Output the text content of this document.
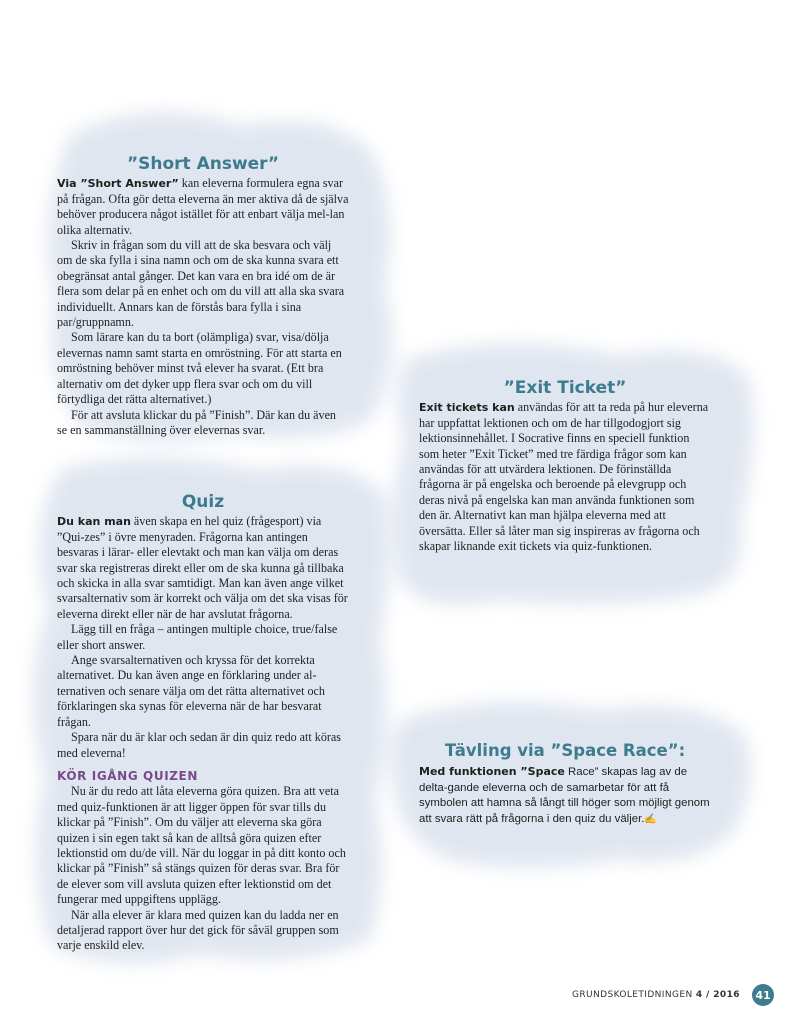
”Short Answer”

Via ”Short Answer” kan eleverna formulera egna svar på frågan. Ofta gör detta eleverna än mer aktiva då de själva behöver producera något istället för att enbart välja mel-lan olika alternativ.

Skriv in frågan som du vill att de ska besvara och välj om de ska fylla i sina namn och om de ska kunna svara ett obegränsat antal gånger. Det kan vara en bra idé om de är flera som delar på en enhet och om du vill att alla ska svara individuellt. Annars kan de förstås bara fylla i sina par/gruppnamn.

Som lärare kan du ta bort (olämpliga) svar, visa/dölja elevernas namn samt starta en omröstning. För att starta en omröstning behöver minst två elever ha svarat. (Ett bra alternativ om det dyker upp flera svar och om du vill förtydliga det rätta alternativet.)

För att avsluta klickar du på ”Finish”. Där kan du även se en sammanställning över elevernas svar.

Quiz

Du kan man även skapa en hel quiz (frågesport) via ”Qui-zes” i övre menyraden. Frågorna kan antingen besvaras i lärar- eller elevtakt och man kan välja om deras svar ska registreras direkt eller om de ska kunna gå tillbaka och skicka in alla svar samtidigt. Man kan även ange vilket svarsalternativ som är korrekt och välja om det ska visas för eleverna direkt eller när de har avslutat frågorna.

Lägg till en fråga – antingen multiple choice, true/false eller short answer.

Ange svarsalternativen och kryssa för det korrekta alternativet. Du kan även ange en förklaring under al-ternativen och senare välja om det rätta alternativet och förklaringen ska synas för eleverna när de har besvarat frågan.

Spara när du är klar och sedan är din quiz redo att köras med eleverna!

KÖR IGÅNG QUIZEN

Nu är du redo att låta eleverna göra quizen. Bra att veta med quiz-funktionen är att ligger öppen för svar tills du klickar på ”Finish”. Om du väljer att eleverna ska göra quizen i sin egen takt så kan de alltså göra quizen efter lektionstid om du/de vill. När du loggar in på ditt konto och klickar på ”Finish” så stängs quizen för deras svar. Bra för de elever som vill avsluta quizen efter lektionstid om det fungerar med uppgiftens upplägg.

När alla elever är klara med quizen kan du ladda ner en detaljerad rapport över hur det gick för såväl gruppen som varje enskild elev.

”Exit Ticket”

Exit tickets kan användas för att ta reda på hur eleverna har uppfattat lektionen och om de har tillgodogjort sig lektionsinnehållet. I Socrative finns en speciell funktion som heter ”Exit Ticket” med tre färdiga frågor som kan användas för att utvärdera lektionen. De förinställda frågorna är på engelska och beroende på elevgrupp och deras nivå på engelska kan man använda funktionen som den är. Alternativt kan man hjälpa eleverna med att översätta. Eller så låter man sig inspireras av frågorna och skapar liknande exit tickets via quiz-funktionen.

Tävling via ”Space Race”:

Med funktionen ”Space Race” skapas lag av de delta-gande eleverna och de samarbetar för att få symbolen att hamna så långt till höger som möjligt genom att svara rätt på frågorna i den quiz du väljer.✍

GRUNDSKOLETIDNINGEN 4 / 2016	41
